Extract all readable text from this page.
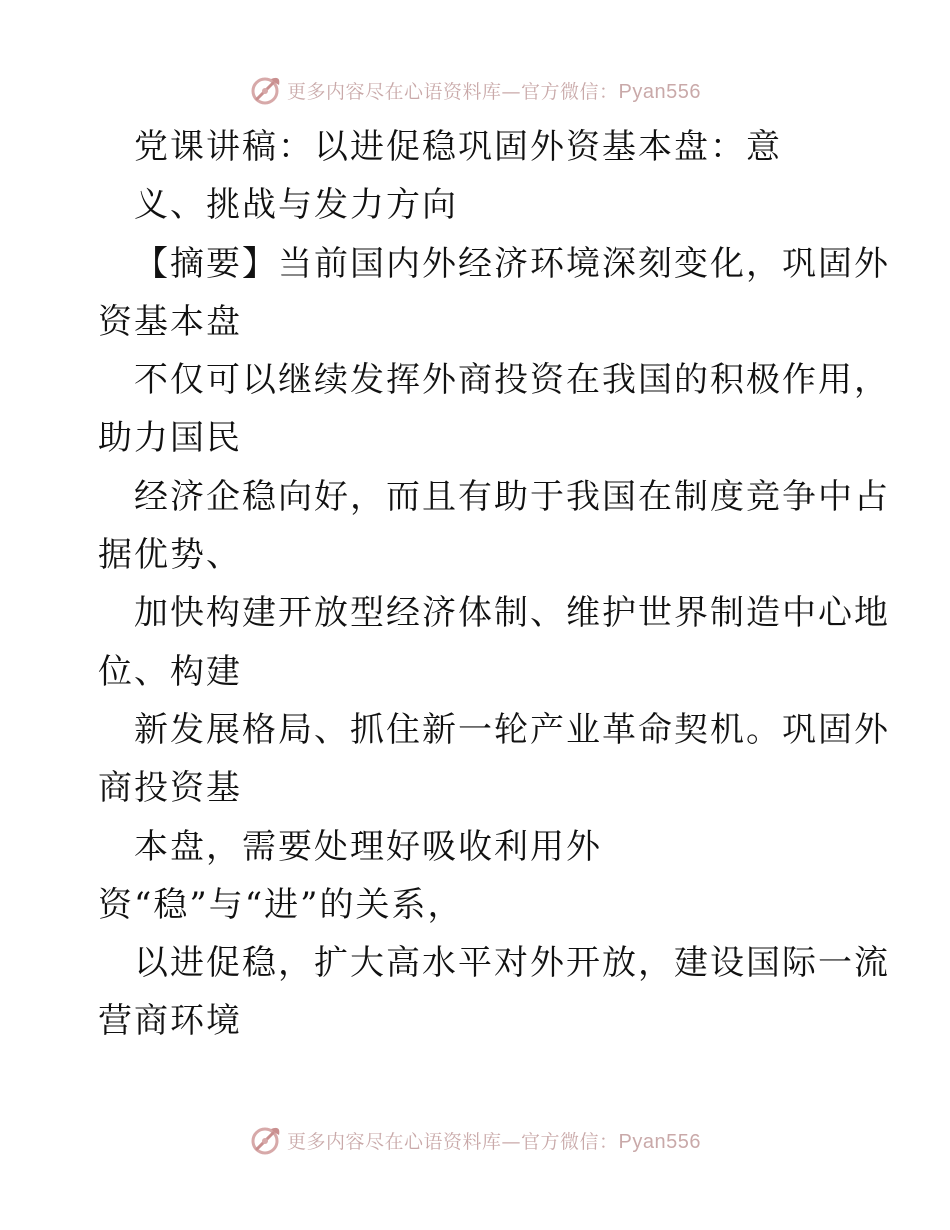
更多内容尽在心语资料库—官方微信：Pyan556
党课讲稿：以进促稳巩固外资基本盘：意
义、挑战与发力方向
【摘要】当前国内外经济环境深刻变化，巩固外
资基本盘
不仅可以继续发挥外商投资在我国的积极作用，
助力国民
经济企稳向好，而且有助于我国在制度竞争中占
据优势、
加快构建开放型经济体制、维护世界制造中心地
位、构建
新发展格局、抓住新一轮产业革命契机。巩固外
商投资基
本盘，需要处理好吸收利用外
资“稳”与“进”的关系，
以进促稳，扩大高水平对外开放，建设国际一流
营商环境
更多内容尽在心语资料库—官方微信：Pyan556
